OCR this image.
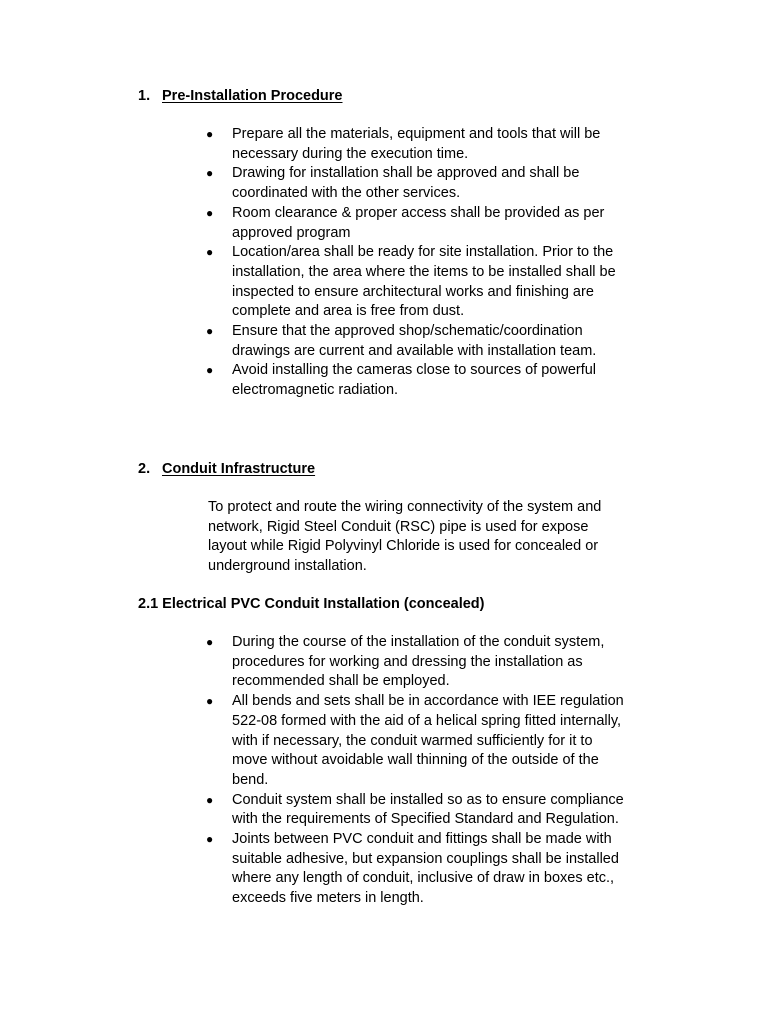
1. Pre-Installation Procedure
● Prepare all the materials, equipment and tools that will be
necessary during the execution time.
● Drawing for installation shall be approved and shall be
coordinated with the other services.
● Room clearance & proper access shall be provided as per
approved program
● Location/area shall be ready for site installation. Prior to the
installation, the area where the items to be installed shall be
inspected to ensure architectural works and finishing are
complete and area is free from dust.
● Ensure that the approved shop/schematic/coordination
drawings are current and available with installation team.
● Avoid installing the cameras close to sources of powerful
electromagnetic radiation.
2. Conduit Infrastructure
To protect and route the wiring connectivity of the system and
network, Rigid Steel Conduit (RSC) pipe is used for expose
layout while Rigid Polyvinyl Chloride is used for concealed or
underground installation.
2.1 Electrical PVC Conduit Installation (concealed)
● During the course of the installation of the conduit system,
procedures for working and dressing the installation as
recommended shall be employed.
● All bends and sets shall be in accordance with IEE regulation
522-08 formed with the aid of a helical spring fitted internally,
with if necessary, the conduit warmed sufficiently for it to
move without avoidable wall thinning of the outside of the
bend.
● Conduit system shall be installed so as to ensure compliance
with the requirements of Specified Standard and Regulation.
● Joints between PVC conduit and fittings shall be made with
suitable adhesive, but expansion couplings shall be installed
where any length of conduit, inclusive of draw in boxes etc.,
exceeds five meters in length.
